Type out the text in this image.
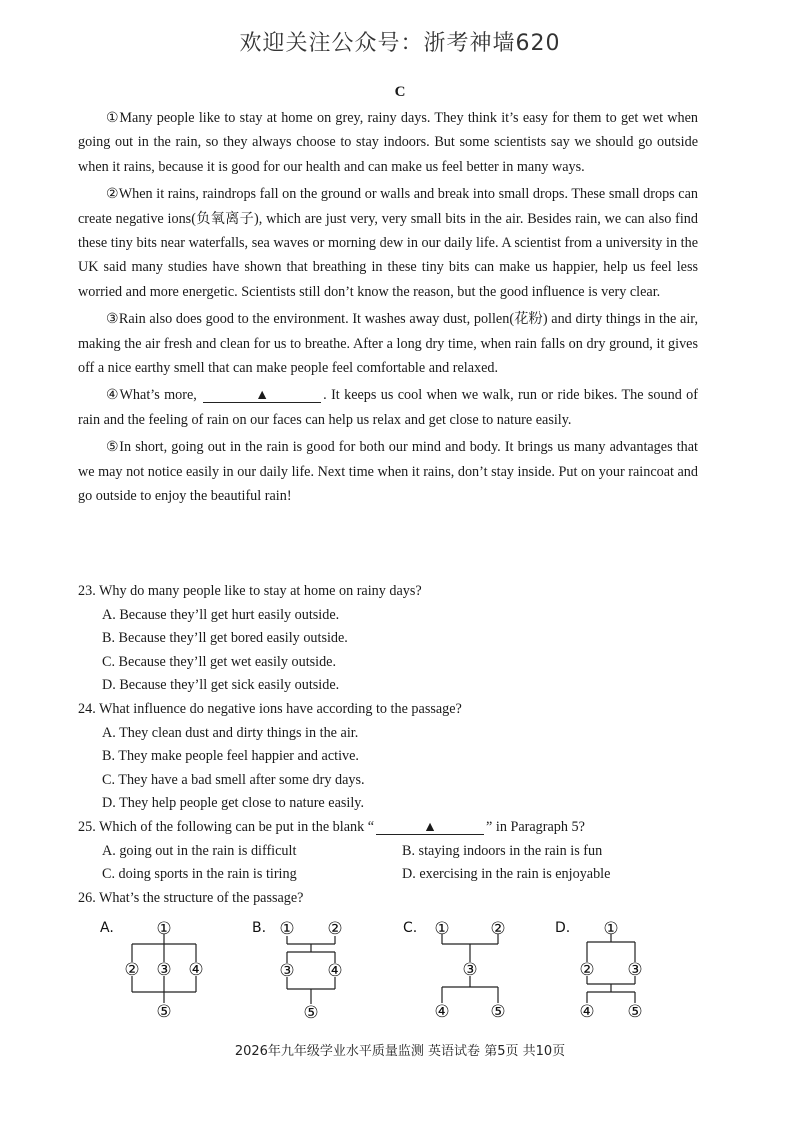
欢迎关注公众号：浙考神墙620
C

①Many people like to stay at home on grey, rainy days. They think it’s easy for them to get wet when going out in the rain, so they always choose to stay indoors. But some scientists say we should go outside when it rains, because it is good for our health and can make us feel better in many ways.

②When it rains, raindrops fall on the ground or walls and break into small drops. These small drops can create negative ions(负氧离子), which are just very, very small bits in the air. Besides rain, we can also find these tiny bits near waterfalls, sea waves or morning dew in our daily life. A scientist from a university in the UK said many studies have shown that breathing in these tiny bits can make us happier, help us feel less worried and more energetic. Scientists still don’t know the reason, but the good influence is very clear.

③Rain also does good to the environment. It washes away dust, pollen(花粉) and dirty things in the air, making the air fresh and clean for us to breathe. After a long dry time, when rain falls on dry ground, it gives off a nice earthy smell that can make people feel comfortable and relaxed.

④What’s more,	▲	. It keeps us cool when we walk, run or ride bikes. The sound of rain and the feeling of rain on our faces can help us relax and get close to nature easily.

⑤In short, going out in the rain is good for both our mind and body. It brings us many advantages that we may not notice easily in our daily life. Next time when it rains, don’t stay inside. Put on your raincoat and go outside to enjoy the beautiful rain!

23. Why do many people like to stay at home on rainy days?

A. Because they’ll get hurt easily outside.

B. Because they’ll get bored easily outside.

C. Because they’ll get wet easily outside.

D. Because they’ll get sick easily outside.

24. What influence do negative ions have according to the passage?

A. They clean dust and dirty things in the air.

B. They make people feel happier and active.

C. They have a bad smell after some dry days.

D. They help people get close to nature easily.

25. Which of the following can be put in the blank “	▲	” in Paragraph 5?

A. going out in the rain is difficult	B. staying indoors in the rain is fun
C. doing sports in the rain is tiring	D. exercising in the rain is enjoyable

26. What’s the structure of the passage?

A.	B.	C.	D.
①
② ③ ④
⑤
① ②
③ ④
⑤
① ②
③
④ ⑤
①
② ③
④ ⑤
2026年九年级学业水平质量监测 英语试卷 第5页 共10页
